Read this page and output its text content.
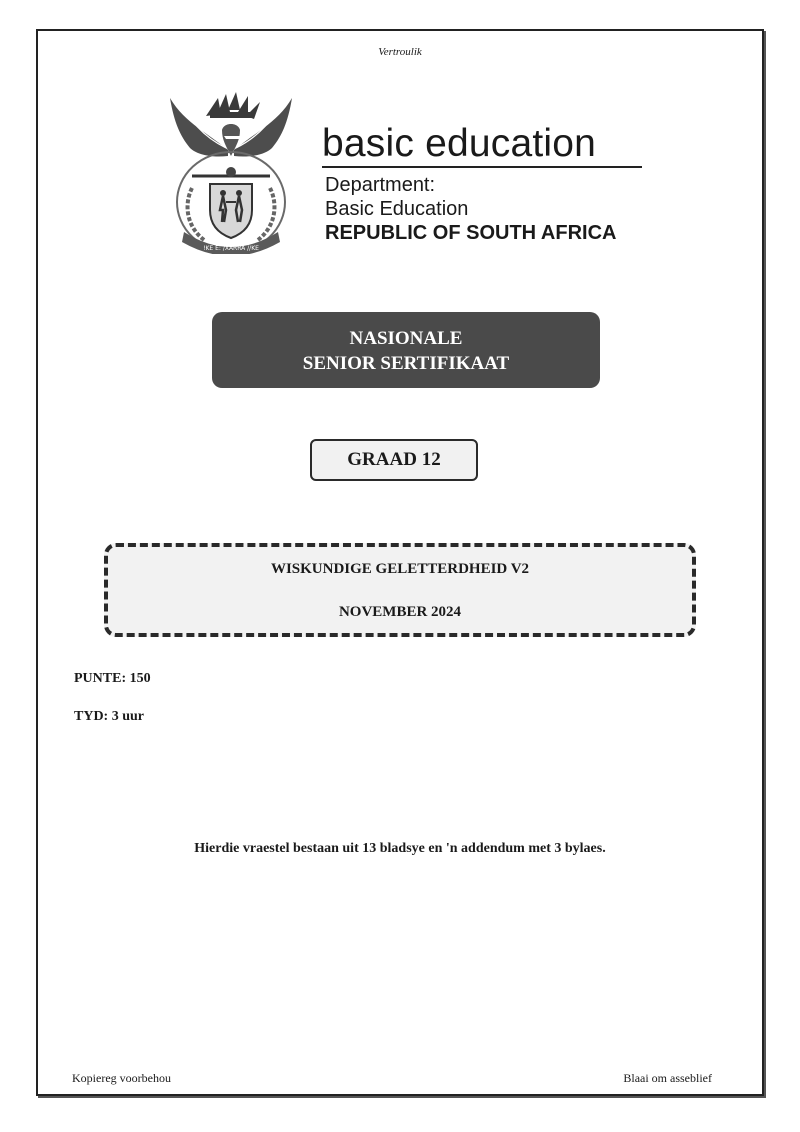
Vertroulik
!KE E: /XARRA //KE
basic education
Department:
Basic Education
REPUBLIC OF SOUTH AFRICA
NASIONALE
SENIOR SERTIFIKAAT
GRAAD 12
WISKUNDIGE GELETTERDHEID V2
NOVEMBER 2024
PUNTE: 150
TYD: 3 uur
Hierdie vraestel bestaan uit 13 bladsye en 'n addendum met 3 bylaes.
Kopiereg voorbehou	Blaai om asseblief
